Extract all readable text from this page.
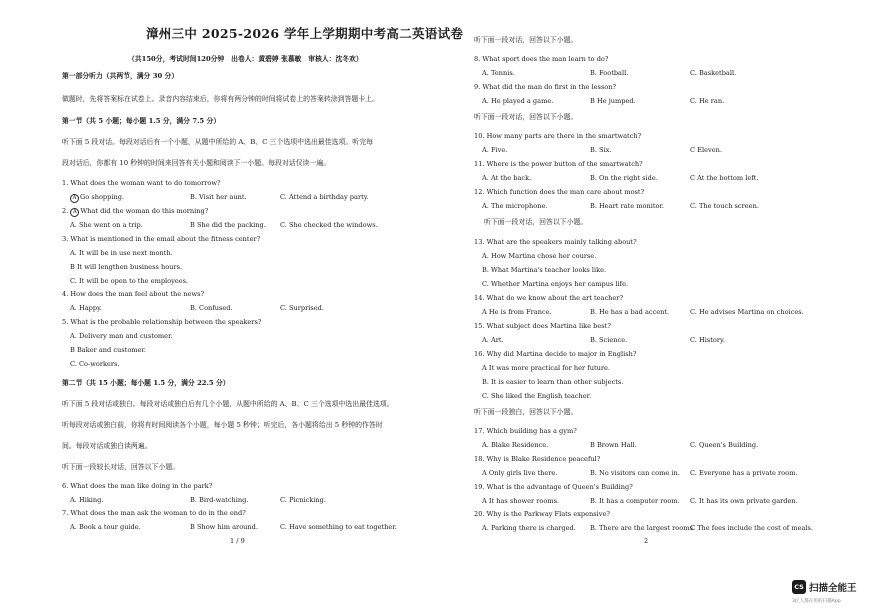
漳州三中 2025-2026 学年上学期期中考高二英语试卷
（共150分，考试时间120分钟　出卷人：黄碧婷 张慕敏　审核人：沈冬欢）
第一部分听力（共两节，满分 30 分）
做题时，先将答案标在试卷上。录音内容结束后，你将有两分钟的时间将试卷上的答案转涂到答题卡上。
第一节（共 5 小题；每小题 1.5 分，满分 7.5 分）
听下面 5 段对话。每段对话后有一个小题，从题中所给的 A、B、C 三个选项中选出最佳选项。听完每
段对话后，你都有 10 秒钟的时间来回答有关小题和阅读下一小题。每段对话仅读一遍。
1. What does the woman want to do tomorrow?
A Go shopping.	B. Visit her aunt.	C. Attend a birthday party.
2. A What did the woman do this morning?
A. She went on a trip.	B She did the packing. C. She checked the windows.
3. What is mentioned in the email about the fitness center?
A. It will be in use next month.
B It will lengthen business hours.
C. It will be open to the employees.
4. How does the man feel about the news?
A. Happy.	B. Confused.	C. Surprised.
5. What is the probable relationship between the speakers?
A. Delivery man and customer.
B Baker and customer.
C. Co-workers.
第二节（共 15 小题；每小题 1.5 分，满分 22.5 分）
听下面 5 段对话或独白。每段对话或独白后有几个小题，从题中所给的 A、B、C 三个选项中选出最佳选项。
听每段对话或独白前，你将有时间阅读各个小题，每小题 5 秒钟；听完后，各小题将给出 5 秒钟的作答时
间。每段对话或独白读两遍。
听下面一段较长对话，回答以下小题。
6. What does the man like doing in the park?
A. Hiking.	B. Bird-watching.	C. Picnicking.
7. What does the man ask the woman to do in the end?
A. Book a tour guide.	B Show him around.	C. Have something to eat together.
1 / 9
听下面一段对话，回答以下小题。
8. What sport does the man learn to do?
A. Tennis.	B. Football.	C. Basketball.
9. What did the man do first in the lesson?
A. He played a game.	B He jumped.	C. He ran.
听下面一段对话，回答以下小题。
10. How many parts are there in the smartwatch?
A. Five.	B. Six.	C Eleven.
11. Where is the power button of the smartwatch?
A. At the back.	B. On the right side.	C At the bottom left.
12. Which function does the man care about most?
A. The microphone.	B. Heart rate monitor.	C. The touch screen.
听下面一段对话，回答以下小题。
13. What are the speakers mainly talking about?
A. How Martina chose her course.
B. What Martina's teacher looks like.
C. Whether Martina enjoys her campus life.
14. What do we know about the art teacher?
A He is from France.	B. He has a bad accent.	C. He advises Martina on choices.
15. What subject does Martina like best?
A. Art.	B. Science.	C. History.
16. Why did Martina decide to major in English?
A It was more practical for her future.
B. It is easier to learn than other subjects.
C. She liked the English teacher.
听下面一段独白，回答以下小题。
17. Which building has a gym?
A. Blake Residence.	B Brown Hall.	C. Queen's Building.
18. Why is Blake Residence peaceful?
A Only girls live there.	B. No visitors can come in. C. Everyone has a private room.
19. What is the advantage of Queen's Building?
A It has shower rooms.	B. It has a computer room. C. It has its own private garden.
20. Why is the Parkway Flats expensive?
A. Parking there is charged. B. There are the largest rooms.
C The fees include the cost of meals.
2
CS 扫描全能王
3亿人都在用的扫描App
